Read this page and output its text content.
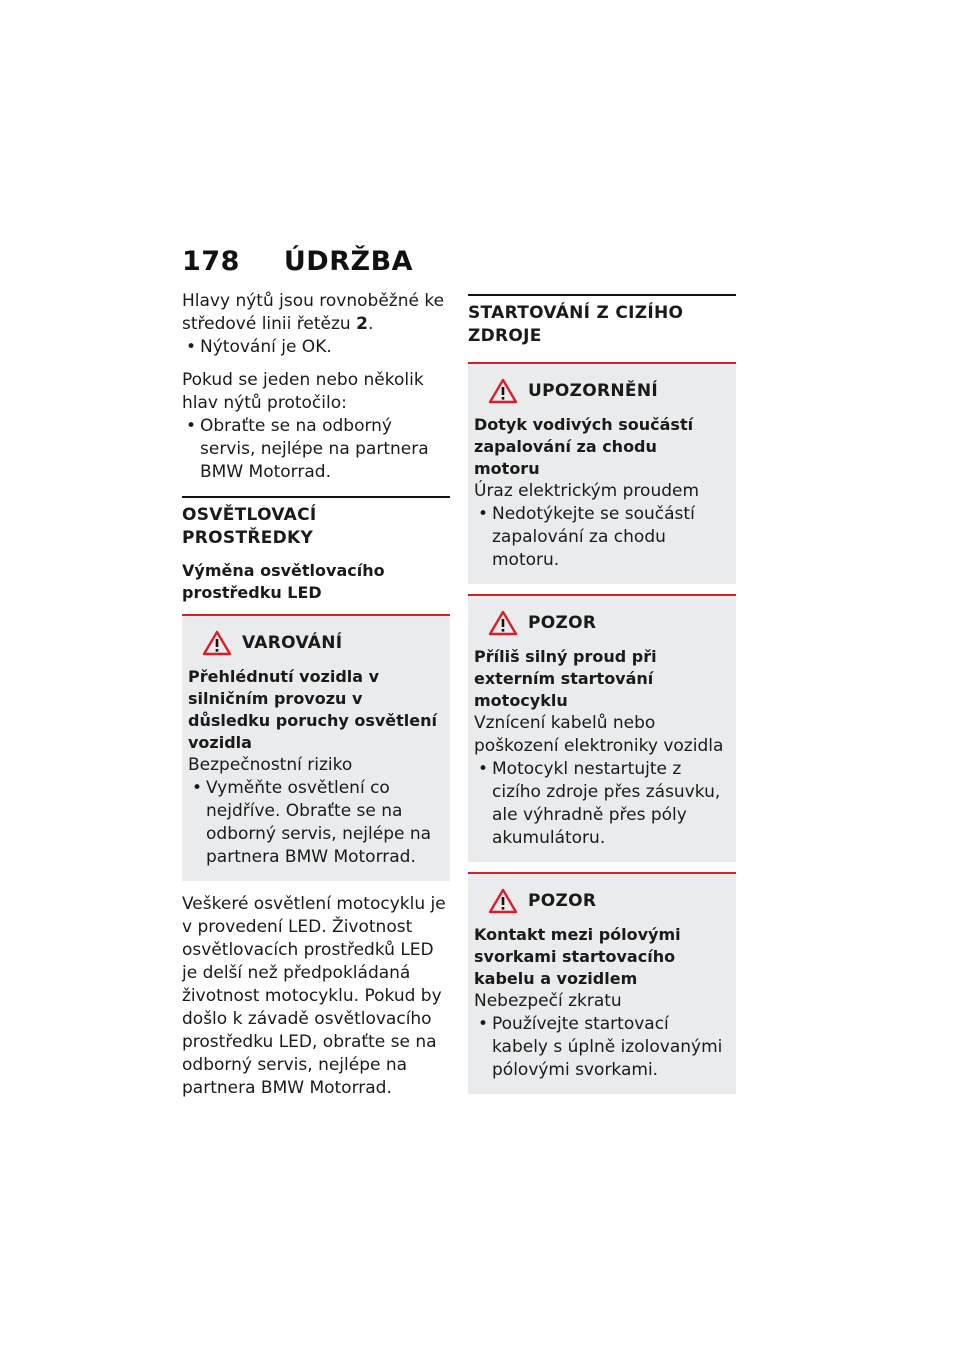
178 ÚDRŽBA

Hlavy nýtů jsou rovnoběžné ke středové linii řetězu 2.

• Nýtování je OK.

Pokud se jeden nebo několik hlav nýtů protočilo:

• Obraťte se na odborný servis, nejlépe na partnera BMW Motorrad.

OSVĚTLOVACÍ PROSTŘEDKY
Výměna osvětlovacího prostředku LED
VAROVÁNÍ

Přehlédnutí vozidla v silničním provozu v důsledku poruchy osvětlení vozidla

Bezpečnostní riziko

• Vyměňte osvětlení co nejdříve. Obraťte se na odborný servis, nejlépe na partnera BMW Motorrad.

Veškeré osvětlení motocyklu je v provedení LED. Životnost osvětlovacích prostředků LED je delší než předpokládaná životnost motocyklu. Pokud by došlo k závadě osvětlovacího prostředku LED, obraťte se na odborný servis, nejlépe na partnera BMW Motorrad.

STARTOVÁNÍ Z CIZÍHO ZDROJE
UPOZORNĚNÍ

Dotyk vodivých součástí zapalování za chodu motoru

Úraz elektrickým proudem

• Nedotýkejte se součástí zapalování za chodu motoru.

POZOR

Příliš silný proud při externím startování motocyklu

Vznícení kabelů nebo poškození elektroniky vozidla

• Motocykl nestartujte z cizího zdroje přes zásuvku, ale výhradně přes póly akumulátoru.

POZOR

Kontakt mezi pólovými svorkami startovacího kabelu a vozidlem

Nebezpečí zkratu

• Používejte startovací kabely s úplně izolovanými pólovými svorkami.
